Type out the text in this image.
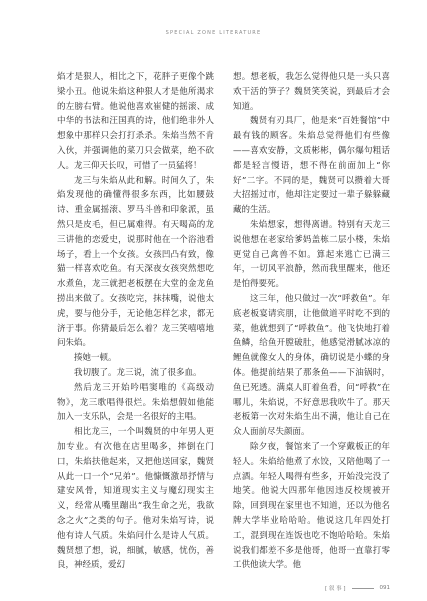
SPECIAL ZONE LITERATURE

焰才是狠人，相比之下，花胖子更像个跳梁小丑。他说朱焰这种狠人才是他所渴求的左膀右臂。他说他喜欢崔健的摇滚、成中华的书法和汪国真的诗，他们绝非外人想象中那样只会打打杀杀。朱焰当然不肯入伙，并强调他的菜刀只会做菜，绝不砍人。龙三仰天长叹，可惜了一员猛将！

龙三与朱焰从此和解。时间久了，朱焰发现他的确懂得很多东西，比如腰鼓诗、重金属摇滚、罗马斗兽和印象派，虽然只是皮毛，但已属难得。有天喝高的龙三讲他的恋爱史，说那时他在一个浴池看场子，看上一个女孩。女孩凹凸有致，像猫一样喜欢吃鱼。有天深夜女孩突然想吃水煮鱼，龙三就把老板摆在大堂的金龙鱼捞出来做了。女孩吃完，抹抹嘴，说他太虎，要与他分手，无论他怎样乞求，都无济于事。你猜最后怎么着？龙三笑嘻嘻地问朱焰。

揍她一顿。

我切腹了。龙三说，流了很多血。

然后龙三开始吟唱窦唯的《高级动物》，龙三歌唱得很烂。朱焰想假如他能加入一支乐队，会是一名很好的主唱。

相比龙三，一个叫魏贤的中年男人更加专业。有次他在店里喝多，摔倒在门口，朱焰扶他起来，又把他送回家，魏贤从此一口一个“兄弟”。他慷慨激昂抒情与建安风骨，知道现实主义与魔幻现实主义，经常从嘴里蹦出“我生命之光，我欲念之火”之类的句子。他对朱焰写诗，说他有诗人气质。朱焰问什么是诗人气质。魏贤想了想，说，细腻，敏感，忧伤，善良，神经质，爱幻

想。想老板，我怎么觉得他只是一头只喜欢干活的笋子？魏贤笑笑说，到最后才会知道。

魏贤有刃具厂，他是来“百姓餐馆”中最有钱的顾客。朱焰总觉得他们有些像——喜欢安静，文质彬彬，偶尔爆句粗话都是轻言慢语，想不得在前面加上“你好”二字。不同的是，魏贤可以攒着大哥大招摇过市，他却注定要过一辈子躲躲藏藏的生活。

朱焰想家，想得离谱。特别有天龙三说他想在老家给爹妈盖栋二层小楼，朱焰更觉自己禽兽不如。算起来逃亡已满三年，一切风平浪静，然而我里醒来，他还是怕得要死。

这三年，他只做过一次“呼救鱼”。年底老板宴请宾朋，让他做道平时吃不到的菜，他就想到了“呼救鱼”。他飞快地打着鱼鳞，给鱼开膛破肚，他感觉滑腻冰凉的鲤鱼就像女人的身体，确切说是小蝶的身体。他提前结果了那条鱼——下油锅时，鱼已死透。满桌人盯着鱼看，问“呼救”在哪儿，朱焰说，不好意思我吹牛了。那天老板第一次对朱焰生出不满，他让自己在众人面前尽失颜面。

除夕夜，餐馆来了一个穿戴板正的年轻人。朱焰给他煮了水饺，又陪他喝了一点酒。年轻人喝得有些多，开始没完没了地笑。他说大四那年他因违反校规被开除，回到现在家里也不知道，还以为他名牌大学毕业哈哈哈。他说这几年四处打工，混到现在连饭也吃不饱哈哈哈。朱焰说我们都差不多是他哥，他哥一直靠打零工供他读大学。他

[ 叙 事 ]	091
